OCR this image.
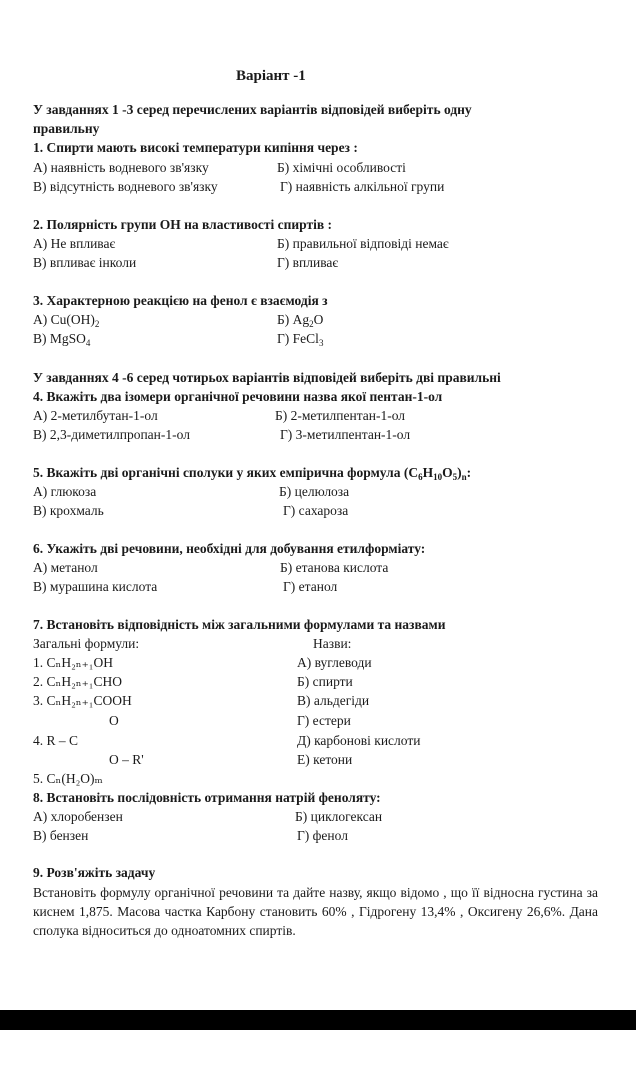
Варіант -1
У завданнях 1 -3 серед перечислених варіантів відповідей виберіть одну
правильну
1. Спирти мають високі температури кипіння через :
А) наявність водневого зв'язку	Б) хімічні особливості
В) відсутність водневого зв'язку	Г) наявність алкільної групи
2. Полярність групи ОН на властивості спиртів :
А) Не впливає	Б) правильної відповіді немає
В) впливає інколи	Г) впливає
3. Характерною реакцією на фенол є взаємодія з
А) $Cu(OH)_2$	Б) $Ag_2O$
В) MgSO$_4$	Г) FeCl$_3$
У завданнях 4 -6 серед чотирьох варіантів відповідей виберіть дві правильні
4. Вкажіть два ізомери органічної речовини назва якої пентан-1-ол
А) 2-метилбутан-1-ол	Б) 2-метилпентан-1-ол
В) 2,3-диметилпропан-1-ол	Г) 3-метилпентан-1-ол
5. Вкажіть дві органічні сполуки у яких емпірична формула $(C_6H_{10}O_5)_n$:
А) глюкоза	Б) целюлоза
В) крохмаль	Г) сахароза
6. Укажіть дві речовини, необхідні для добування етилформіату:
А) метанол	Б) етанова кислота
В) мурашина кислота	Г) етанол
7. Встановіть відповідність між загальними формулами та назвами
Загальні формули:	Назви:
1. CₙH₂ₙ₊₁OH	А) вуглеводи
2. CₙH₂ₙ₊₁CHO	Б) спирти
3. CₙH₂ₙ₊₁COOH	В) альдегіди
O	Г) естери
4. R – C	Д) карбонові кислоти
O – R'	Е) кетони
5. Cₙ(H₂O)ₘ
8. Встановіть послідовність отримання натрій феноляту:
А) хлоробензен	Б) циклогексан
В) бензен	Г) фенол
9. Розв'яжіть задачу
Встановіть формулу органічної речовини та дайте назву, якщо відомо , що її відносна густина за киснем 1,875. Масова частка Карбону становить 60% , Гідрогену 13,4% , Оксигену 26,6%. Дана сполука відноситься до одноатомних спиртів.
